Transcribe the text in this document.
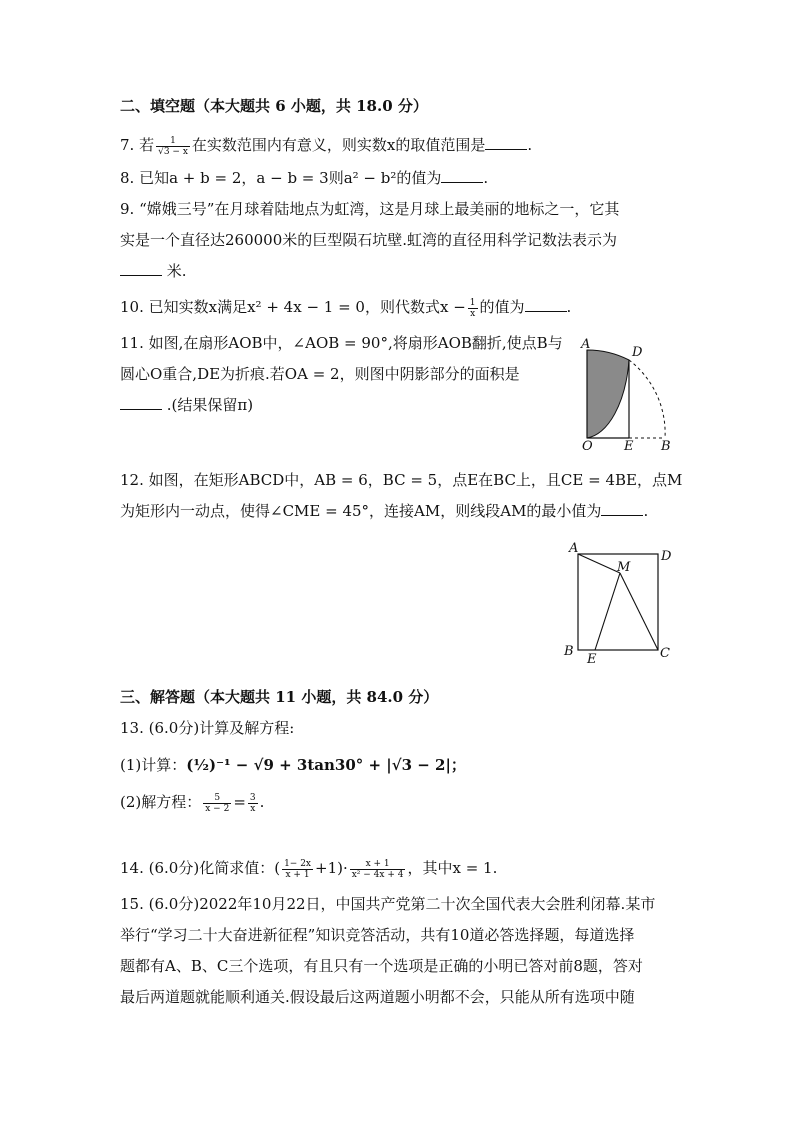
二、填空题（本大题共 6 小题，共 18.0 分）
7. 若 $\frac{1}{√3 - x}$ 在实数范围内有意义，则实数x的取值范围是	.
8. 已知a + b = 2，a − b = 3则a² − b²的值为	.
9. “嫦娥三号”在月球着陆地点为虹湾，这是月球上最美丽的地标之一，它其
实是一个直径达260000米的巨型陨石坑壁.虹湾的直径用科学记数法表示为
米.
10. 已知实数x满足x² + 4x − 1 = 0，则代数式$x - \frac{1}{x}$ 的值为	.
11. 如图,在扇形AOB中，∠AOB = 90°,将扇形AOB翻折,使点B与
圆心O重合,DE为折痕.若OA = 2，则图中阴影部分的面积是
.(结果保留π)
A
D
O E B
12. 如图，在矩形ABCD中，AB = 6，BC = 5，点E在BC上，且CE = 4BE，点M
为矩形内一动点，使得∠CME = 45°，连接AM，则线段AM的最小值为	.
A
D
M
B
E	C
三、解答题（本大题共 11 小题，共 84.0 分）
13. (6.0分)计算及解方程:
(1)计算：(½)⁻¹ − √9 + 3tan30° + |√3 − 2|；
(2)解方程： $\frac{5}{x - 2} = \frac{3}{x}$ .
14. (6.0分)化简求值：( $\frac{1- 2x}{x + 1} +1)\cdot \frac{x + 1}{\text{x² − 4x + 4}}$ ，其中x = 1.
15. (6.0分)2022年10月22日，中国共产党第二十次全国代表大会胜利闭幕.某市
举行“学习二十大奋进新征程”知识竞答活动，共有10道必答选择题，每道选择
题都有A、B、C三个选项，有且只有一个选项是正确的小明已答对前8题，答对
最后两道题就能顺利通关.假设最后这两道题小明都不会，只能从所有选项中随
